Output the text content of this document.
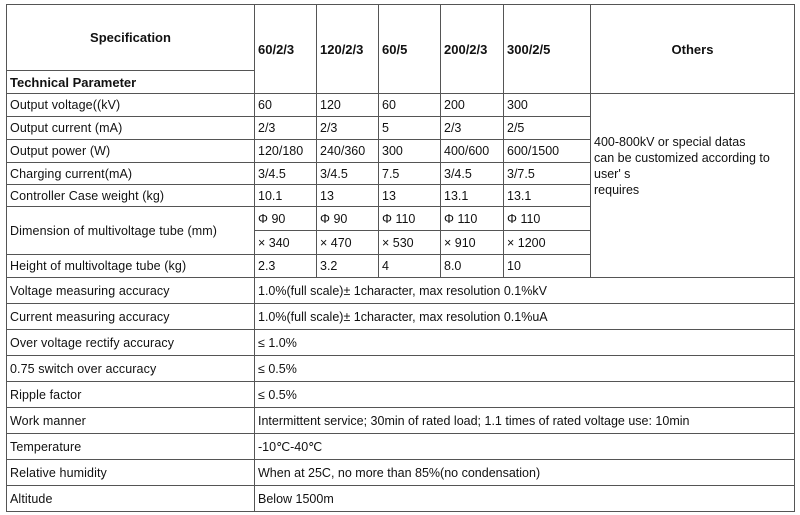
Specification	60/2/3	120/2/3	60/5	200/2/3	300/2/5	Others
Technical Parameter						
Output voltage((kV)	60	120	60	200	300	400-800kV or special datas
can be customized according to
user' s
requires

Output current (mA)	2/3	2/3	5	2/3	2/5	
Output power (W)	120/180	240/360	300	400/600	600/1500	
Charging current(mA)	3/4.5	3/4.5	7.5	3/4.5	3/7.5	
Controller Case weight (kg)	10.1	13	13	13.1	13.1	
Dimension of multivoltage tube (mm)	Φ 90	Φ 90	Φ 110	Φ 110	Φ 110	
	× 340	× 470	× 530	× 910	× 1200	
Height of multivoltage tube (kg)	2.3	3.2	4	8.0	10	
Voltage measuring accuracy	1.0%(full scale)± 1character, max resolution 0.1%kV					
Current measuring accuracy	1.0%(full scale)± 1character, max resolution 0.1%uA					
Over voltage rectify accuracy	≤ 1.0%					
0.75 switch over accuracy	≤ 0.5%					
Ripple factor	≤ 0.5%					
Work manner	Intermittent service; 30min of rated load; 1.1 times of rated voltage use: 10min					
Temperature	-10℃-40℃					
Relative humidity	When at 25C, no more than 85%(no condensation)					
Altitude	Below 1500m					
